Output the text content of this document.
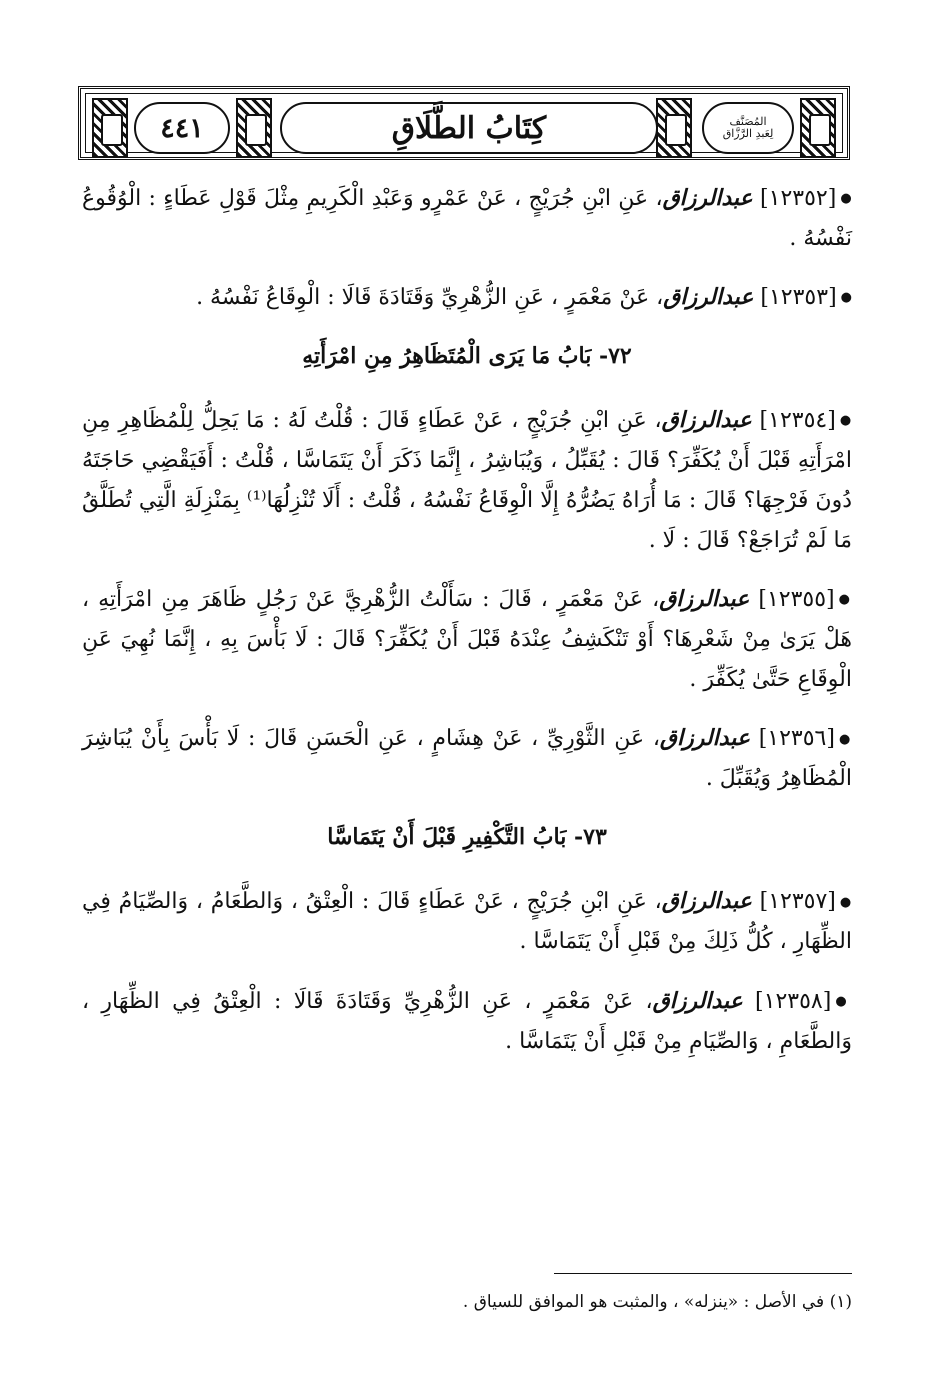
٤٤١	كِتَابُ الطَّلَاقِ	المُصَنَّف
لِعَبدِ الرَّزَّاق

●[١٢٣٥٢] عبدالرزاق، عَنِ ابْنِ جُرَيْجٍ ، عَنْ عَمْرٍو وَعَبْدِ الْكَرِيمِ مِثْلَ قَوْلِ عَطَاءٍ : الْوُقُوعُ نَفْسُهُ .

●[١٢٣٥٣] عبدالرزاق، عَنْ مَعْمَرٍ ، عَنِ الزُّهْرِيِّ وَقَتَادَةَ قَالَا : الْوِقَاعُ نَفْسُهُ .

٧٢- بَابُ مَا يَرَى الْمُتَظَاهِرُ مِنِ امْرَأَتِهِ

●[١٢٣٥٤] عبدالرزاق، عَنِ ابْنِ جُرَيْجٍ ، عَنْ عَطَاءٍ قَالَ : قُلْتُ لَهُ : مَا يَحِلُّ لِلْمُظَاهِرِ مِنِ امْرَأَتِهِ قَبْلَ أَنْ يُكَفِّرَ؟ قَالَ : يُقَبِّلُ ، وَيُبَاشِرُ ، إِنَّمَا ذَكَرَ أَنْ يَتَمَاسَّا ، قُلْتُ : أَفَيَقْضِي حَاجَتَهُ دُونَ فَرْجِهَا؟ قَالَ : مَا أُرَاهُ يَضُرُّهُ إِلَّا الْوِقَاعُ نَفْسُهُ ، قُلْتُ : أَلَا تُنْزِلُهَا⁽¹⁾ بِمَنْزِلَةِ الَّتِي تُطَلَّقُ مَا لَمْ تُرَاجَعْ؟ قَالَ : لَا .

●[١٢٣٥٥] عبدالرزاق، عَنْ مَعْمَرٍ ، قَالَ : سَأَلْتُ الزُّهْرِيَّ عَنْ رَجُلٍ ظَاهَرَ مِنِ امْرَأَتِهِ ، هَلْ يَرَىٰ مِنْ شَعْرِهَا؟ أَوْ تَنْكَشِفُ عِنْدَهُ قَبْلَ أَنْ يُكَفِّرَ؟ قَالَ : لَا بَأْسَ بِهِ ، إِنَّمَا نُهِيَ عَنِ الْوِقَاعِ حَتَّىٰ يُكَفِّرَ .

●[١٢٣٥٦] عبدالرزاق، عَنِ الثَّوْرِيِّ ، عَنْ هِشَامٍ ، عَنِ الْحَسَنِ قَالَ : لَا بَأْسَ بِأَنْ يُبَاشِرَ الْمُظَاهِرُ وَيُقَبِّلَ .

٧٣- بَابُ التَّكْفِيرِ قَبْلَ أَنْ يَتَمَاسَّا

●[١٢٣٥٧] عبدالرزاق، عَنِ ابْنِ جُرَيْجٍ ، عَنْ عَطَاءٍ قَالَ : الْعِتْقُ ، وَالطَّعَامُ ، وَالصِّيَامُ فِي الظِّهَارِ ، كُلُّ ذَلِكَ مِنْ قَبْلِ أَنْ يَتَمَاسَّا .

●[١٢٣٥٨] عبدالرزاق، عَنْ مَعْمَرٍ ، عَنِ الزُّهْرِيِّ وَقَتَادَةَ قَالَا : الْعِتْقُ فِي الظِّهَارِ ، وَالطَّعَامِ ، وَالصِّيَامِ مِنْ قَبْلِ أَنْ يَتَمَاسَّا .

(١) في الأصل : «ينزله» ، والمثبت هو الموافق للسياق .
